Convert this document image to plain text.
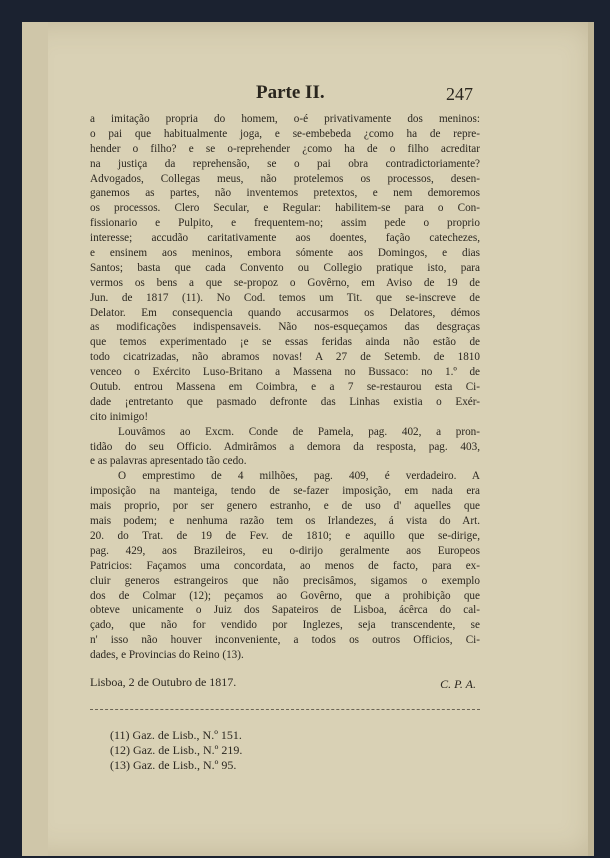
Parte II.	247
a imitação propria do homem, o-é privativamente dos meninos:
o pai que habitualmente joga, e se-embebeda ¿como ha de repre-
hender o filho? e se o-reprehender ¿como ha de o filho acreditar
na justiça da reprehensão, se o pai obra contradictoriamente?
Advogados, Collegas meus, não protelemos os processos, desen-
ganemos as partes, não inventemos pretextos, e nem demoremos
os processos. Clero Secular, e Regular: habilitem-se para o Con-
fissionario e Pulpito, e frequentem-no; assim pede o proprio
interesse; accudão caritativamente aos doentes, fação catechezes,
e ensinem aos meninos, embora sómente aos Domingos, e dias
Santos; basta que cada Convento ou Collegio pratique isto, para
vermos os bens a que se-propoz o Govêrno, em Aviso de 19 de
Jun. de 1817 (11). No Cod. temos um Tit. que se-inscreve de
Delator. Em consequencia quando accusarmos os Delatores, démos
as modificações indispensaveis. Não nos-esqueçamos das desgraças
que temos experimentado ¡e se essas feridas ainda não estão de
todo cicatrizadas, não abramos novas! A 27 de Setemb. de 1810
venceo o Exército Luso-Britano a Massena no Bussaco: no 1.º de
Outub. entrou Massena em Coimbra, e a 7 se-restaurou esta Ci-
dade ¡entretanto que pasmado defronte das Linhas existia o Exér-
cito inimigo!
Louvâmos ao Excm. Conde de Pamela, pag. 402, a pron-
tidão do seu Officio. Admirâmos a demora da resposta, pag. 403,
e as palavras apresentado tão cedo.
O emprestimo de 4 milhões, pag. 409, é verdadeiro. A
imposição na manteiga, tendo de se-fazer imposição, em nada era
mais proprio, por ser genero estranho, e de uso d' aquelles que
mais podem; e nenhuma razão tem os Irlandezes, á vista do Art.
20. do Trat. de 19 de Fev. de 1810; e aquillo que se-dirige,
pag. 429, aos Brazileiros, eu o-dirijo geralmente aos Europeos
Patricios: Façamos uma concordata, ao menos de facto, para ex-
cluir generos estrangeiros que não precisâmos, sigamos o exemplo
dos de Colmar (12); peçamos ao Govêrno, que a prohibição que
obteve unicamente o Juiz dos Sapateiros de Lisboa, ácêrca do cal-
çado, que não for vendido por Inglezes, seja transcendente, se
n' isso não houver inconveniente, a todos os outros Officios, Ci-
dades, e Provincias do Reino (13).
Lisboa, 2 de Outubro de 1817.	C. P. A.
(11) Gaz. de Lisb., N.º 151.
(12) Gaz. de Lisb., N.º 219.
(13) Gaz. de Lisb., N.º 95.
